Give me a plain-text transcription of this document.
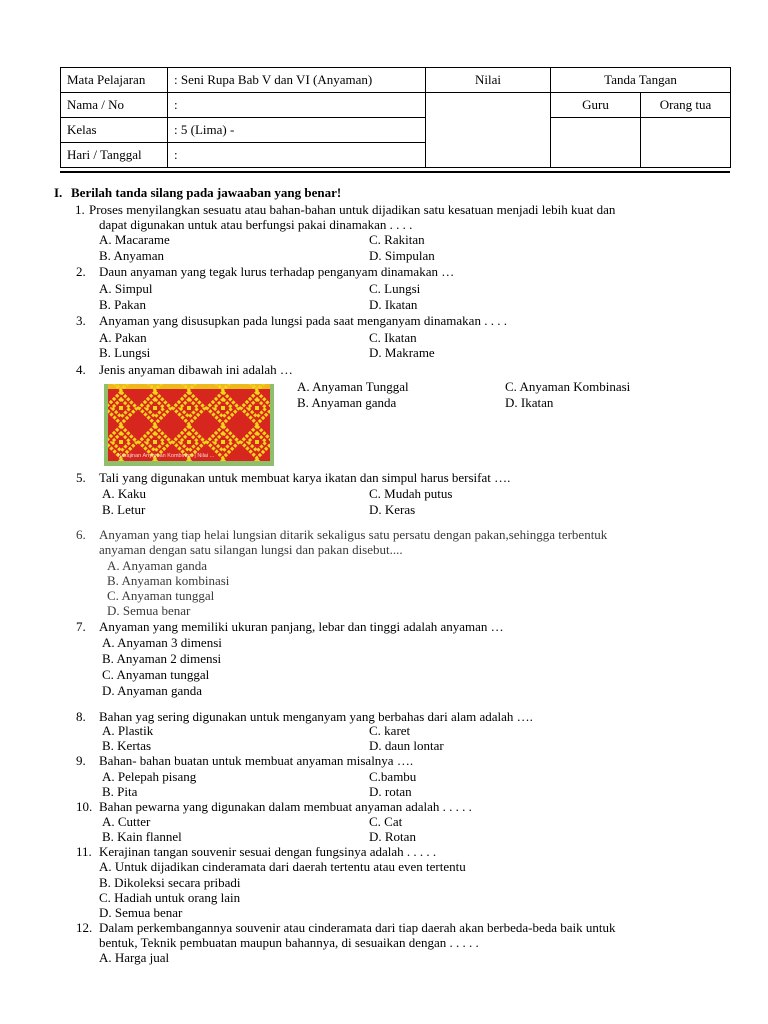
Mata Pelajaran	: Seni Rupa Bab V dan VI (Anyaman)	Nilai	Tanda Tangan	
Nama / No	:		Guru	Orang tua
Kelas	: 5 (Lima) -			
Hari / Tanggal	:			
I. Berilah tanda silang pada jawaaban yang benar!
1. Proses menyilangkan sesuatu atau bahan-bahan untuk dijadikan satu kesatuan menjadi lebih kuat dan
dapat digunakan untuk atau berfungsi pakai dinamakan . . . .
A. Macarame	C. Rakitan
B. Anyaman	D. Simpulan
2. Daun anyaman yang tegak lurus terhadap penganyam dinamakan …
A. Simpul	C. Lungsi
B. Pakan	D. Ikatan
3. Anyaman yang disusupkan pada lungsi pada saat menganyam dinamakan . . . .
A. Pakan	C. Ikatan
B. Lungsi	D. Makrame
4. Jenis anyaman dibawah ini adalah …
A. Anyaman Tunggal	C. Anyaman Kombinasi
B. Anyaman ganda	D. Ikatan
Kerajinan Anyaman Kombinasi | Nilai ...
5. Tali yang digunakan untuk membuat karya ikatan dan simpul harus bersifat ….
A. Kaku	C. Mudah putus
B. Letur	D. Keras
6. Anyaman yang tiap helai lungsian ditarik sekaligus satu persatu dengan pakan,sehingga terbentuk
anyaman dengan satu silangan lungsi dan pakan disebut....
A. Anyaman ganda
B. Anyaman kombinasi
C. Anyaman tunggal
D. Semua benar
7. Anyaman yang memiliki ukuran panjang, lebar dan tinggi adalah anyaman …
A. Anyaman 3 dimensi
B. Anyaman 2 dimensi
C. Anyaman tunggal
D. Anyaman ganda
8. Bahan yag sering digunakan untuk menganyam yang berbahas dari alam adalah ….
A. Plastik	C. karet
B. Kertas	D. daun lontar
9. Bahan- bahan buatan untuk membuat anyaman misalnya ….
A. Pelepah pisang	C.bambu
B. Pita	D. rotan
10. Bahan pewarna yang digunakan dalam membuat anyaman adalah . . . . .
A. Cutter	C. Cat
B. Kain flannel	D. Rotan
11. Kerajinan tangan souvenir sesuai dengan fungsinya adalah . . . . .
A. Untuk dijadikan cinderamata dari daerah tertentu atau even tertentu
B. Dikoleksi secara pribadi
C. Hadiah untuk orang lain
D. Semua benar
12. Dalam perkembangannya souvenir atau cinderamata dari tiap daerah akan berbeda-beda baik untuk
bentuk, Teknik pembuatan maupun bahannya, di sesuaikan dengan . . . . .
A. Harga jual
